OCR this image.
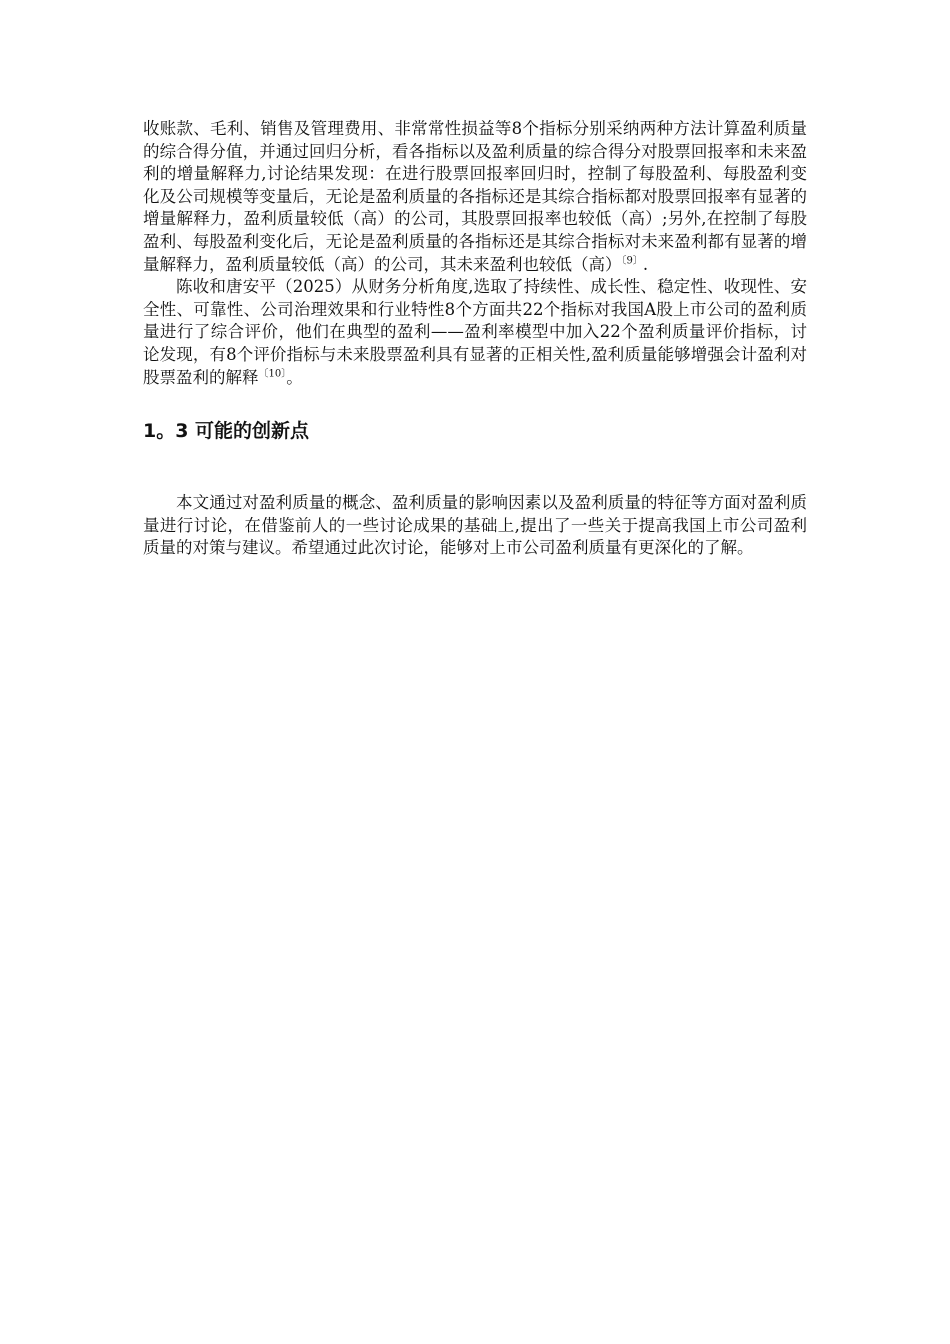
收账款、毛利、销售及管理费用、非常常性损益等8个指标分别采纳两种方法计算盈利质量的综合得分值，并通过回归分析，看各指标以及盈利质量的综合得分对股票回报率和未来盈利的增量解释力,讨论结果发现：在进行股票回报率回归时，控制了每股盈利、每股盈利变化及公司规模等变量后，无论是盈利质量的各指标还是其综合指标都对股票回报率有显著的增量解释力，盈利质量较低（高）的公司，其股票回报率也较低（高）;另外,在控制了每股盈利、每股盈利变化后，无论是盈利质量的各指标还是其综合指标对未来盈利都有显著的增量解释力，盈利质量较低（高）的公司，其未来盈利也较低（高）$^{〔9〕}$.

陈收和唐安平（2025）从财务分析角度,选取了持续性、成长性、稳定性、收现性、安全性、可靠性、公司治理效果和行业特性8个方面共22个指标对我国A股上市公司的盈利质量进行了综合评价，他们在典型的盈利——盈利率模型中加入22个盈利质量评价指标，讨论发现，有8个评价指标与未来股票盈利具有显著的正相关性,盈利质量能够增强会计盈利对股票盈利的解释$^{〔10〕}$。

1。3 可能的创新点

本文通过对盈利质量的概念、盈利质量的影响因素以及盈利质量的特征等方面对盈利质量进行讨论，在借鉴前人的一些讨论成果的基础上,提出了一些关于提高我国上市公司盈利质量的对策与建议。希望通过此次讨论，能够对上市公司盈利质量有更深化的了解。
